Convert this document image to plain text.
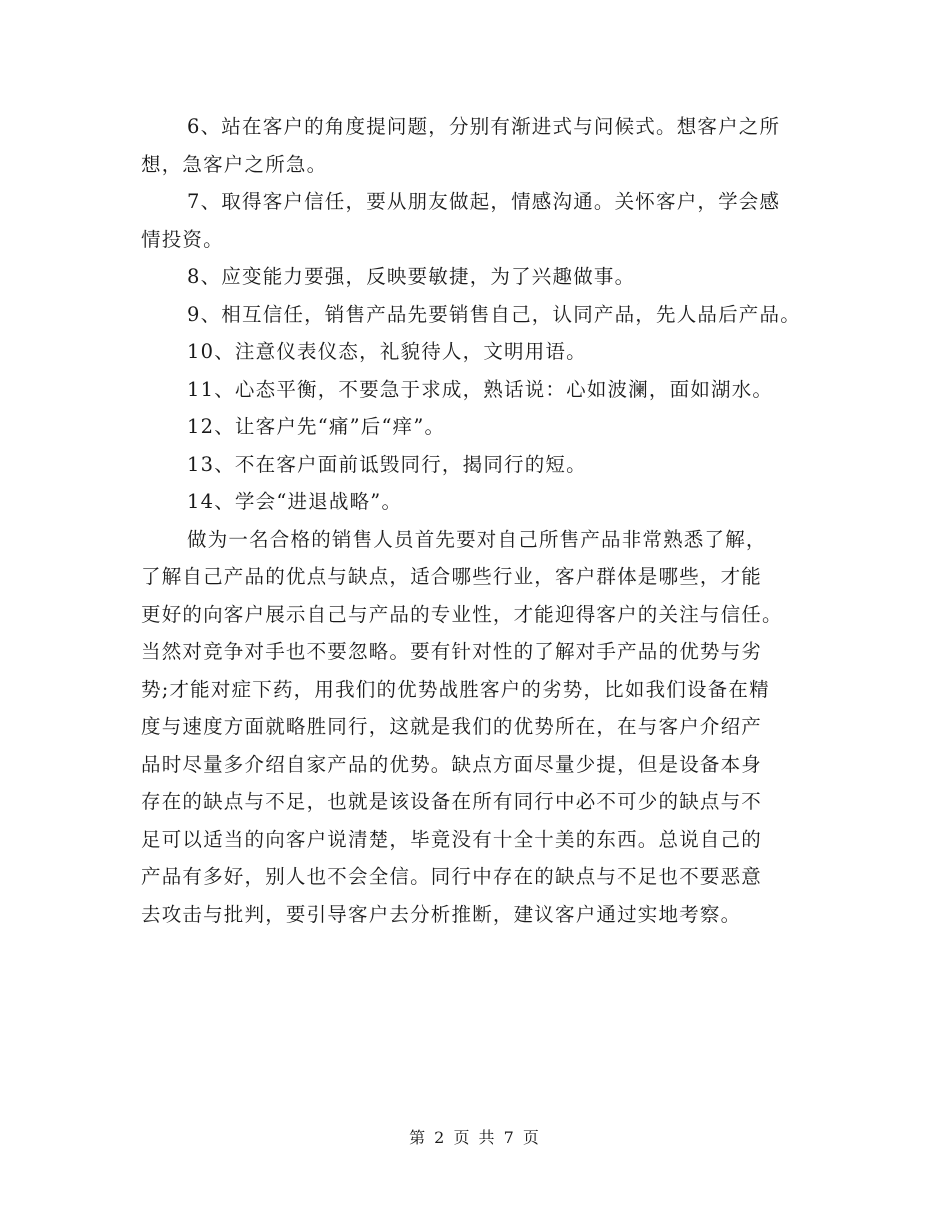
6、站在客户的角度提问题，分别有渐进式与问候式。想客户之所
想，急客户之所急。
7、取得客户信任，要从朋友做起，情感沟通。关怀客户，学会感
情投资。
8、应变能力要强，反映要敏捷，为了兴趣做事。
9、相互信任，销售产品先要销售自己，认同产品，先人品后产品。
10、注意仪表仪态，礼貌待人，文明用语。
11、心态平衡，不要急于求成，熟话说：心如波澜，面如湖水。
12、让客户先“痛”后“痒”。
13、不在客户面前诋毁同行，揭同行的短。
14、学会“进退战略”。
做为一名合格的销售人员首先要对自己所售产品非常熟悉了解，
了解自己产品的优点与缺点，适合哪些行业，客户群体是哪些，才能
更好的向客户展示自己与产品的专业性，才能迎得客户的关注与信任。
当然对竞争对手也不要忽略。要有针对性的了解对手产品的优势与劣
势;才能对症下药，用我们的优势战胜客户的劣势，比如我们设备在精
度与速度方面就略胜同行，这就是我们的优势所在，在与客户介绍产
品时尽量多介绍自家产品的优势。缺点方面尽量少提，但是设备本身
存在的缺点与不足，也就是该设备在所有同行中必不可少的缺点与不
足可以适当的向客户说清楚，毕竟没有十全十美的东西。总说自己的
产品有多好，别人也不会全信。同行中存在的缺点与不足也不要恶意
去攻击与批判，要引导客户去分析推断，建议客户通过实地考察。
第 2 页 共 7 页
